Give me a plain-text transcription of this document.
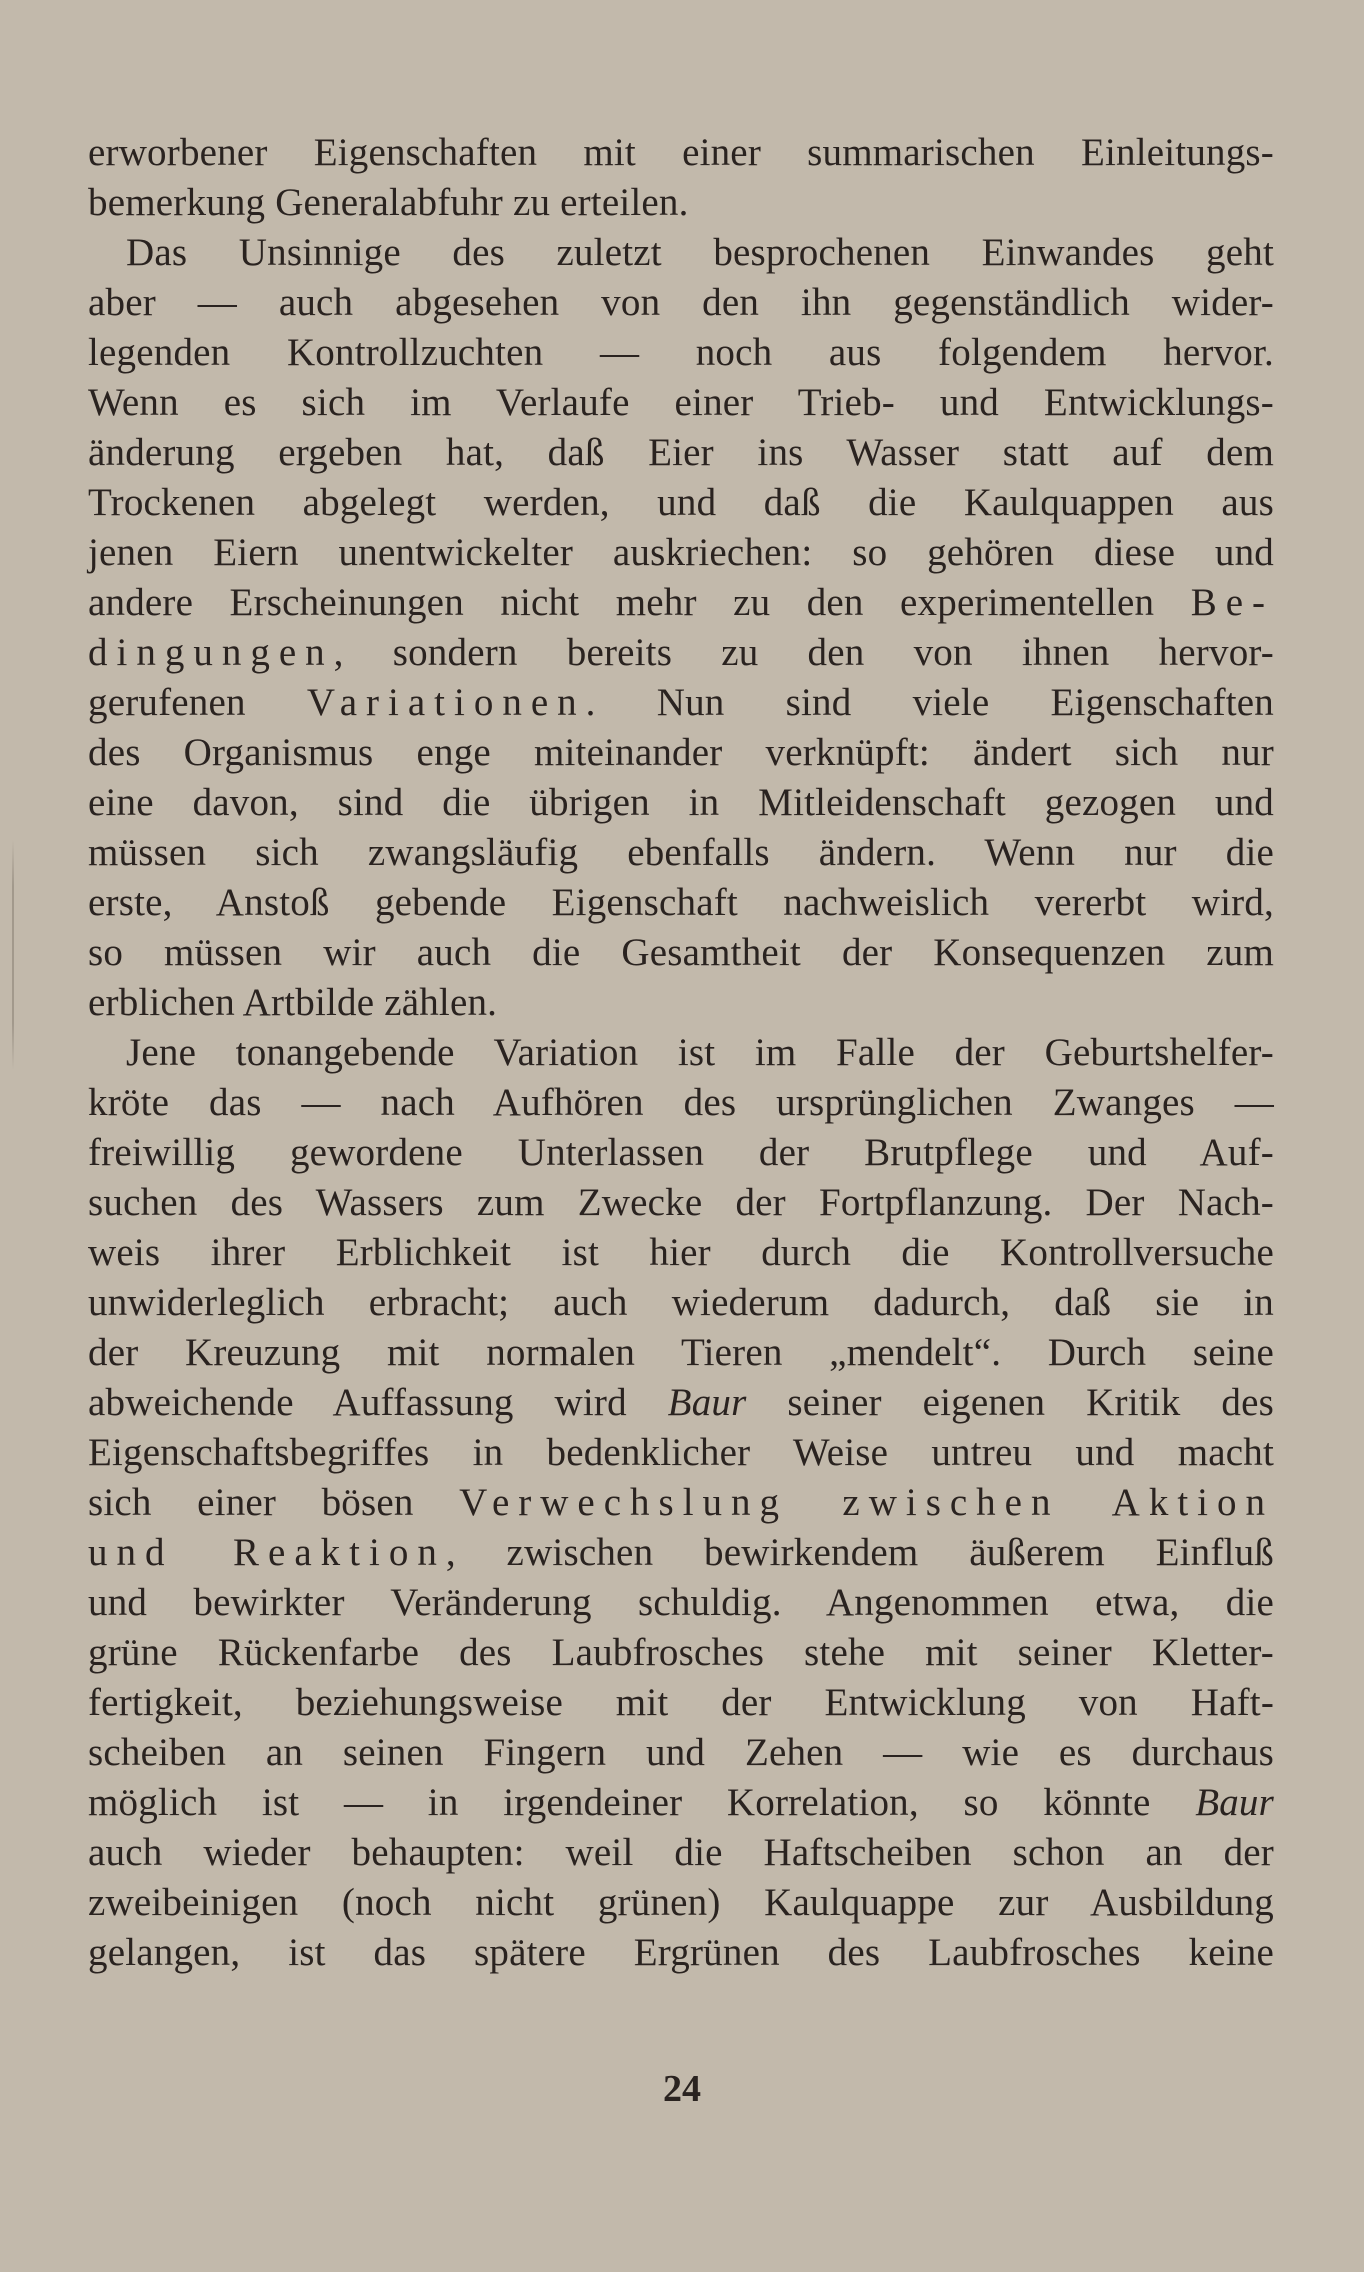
erworbener Eigenschaften mit einer summarischen Einleitungs-
bemerkung Generalabfuhr zu erteilen.
Das Unsinnige des zuletzt besprochenen Einwandes geht
aber — auch abgesehen von den ihn gegenständlich wider-
legenden Kontrollzuchten — noch aus folgendem hervor.
Wenn es sich im Verlaufe einer Trieb- und Entwicklungs-
änderung ergeben hat, daß Eier ins Wasser statt auf dem
Trockenen abgelegt werden, und daß die Kaulquappen aus
jenen Eiern unentwickelter auskriechen: so gehören diese und
andere Erscheinungen nicht mehr zu den experimentellen Be-
dingungen, sondern bereits zu den von ihnen hervor-
gerufenen Variationen. Nun sind viele Eigenschaften
des Organismus enge miteinander verknüpft: ändert sich nur
eine davon, sind die übrigen in Mitleidenschaft gezogen und
müssen sich zwangsläufig ebenfalls ändern. Wenn nur die
erste, Anstoß gebende Eigenschaft nachweislich vererbt wird,
so müssen wir auch die Gesamtheit der Konsequenzen zum
erblichen Artbilde zählen.
Jene tonangebende Variation ist im Falle der Geburtshelfer-
kröte das — nach Aufhören des ursprünglichen Zwanges —
freiwillig gewordene Unterlassen der Brutpflege und Auf-
suchen des Wassers zum Zwecke der Fortpflanzung. Der Nach-
weis ihrer Erblichkeit ist hier durch die Kontrollversuche
unwiderleglich erbracht; auch wiederum dadurch, daß sie in
der Kreuzung mit normalen Tieren „mendelt“. Durch seine
abweichende Auffassung wird Baur seiner eigenen Kritik des
Eigenschaftsbegriffes in bedenklicher Weise untreu und macht
sich einer bösen Verwechslung zwischen Aktion
und Reaktion, zwischen bewirkendem äußerem Einfluß
und bewirkter Veränderung schuldig. Angenommen etwa, die
grüne Rückenfarbe des Laubfrosches stehe mit seiner Kletter-
fertigkeit, beziehungsweise mit der Entwicklung von Haft-
scheiben an seinen Fingern und Zehen — wie es durchaus
möglich ist — in irgendeiner Korrelation, so könnte Baur
auch wieder behaupten: weil die Haftscheiben schon an der
zweibeinigen (noch nicht grünen) Kaulquappe zur Ausbildung
gelangen, ist das spätere Ergrünen des Laubfrosches keine
24
